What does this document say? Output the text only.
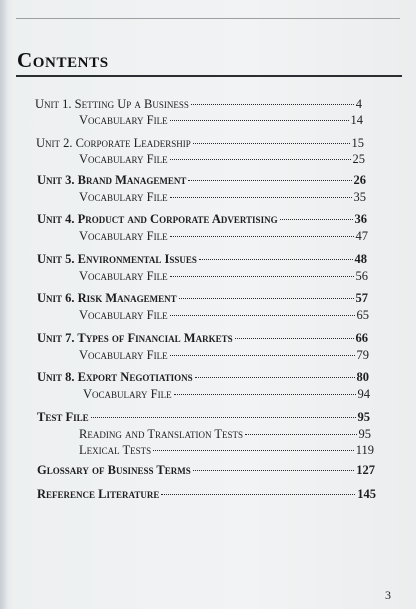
Contents
Unit 1. Setting Up a Business	4
Vocabulary File	14
Unit 2. Corporate Leadership	15
Vocabulary File	25
Unit 3. Brand Management	26
Vocabulary File	35
Unit 4. Product and Corporate Advertising	36
Vocabulary File	47
Unit 5. Environmental Issues	48
Vocabulary File	56
Unit 6. Risk Management	57
Vocabulary File	65
Unit 7. Types of Financial Markets	66
Vocabulary File	79
Unit 8. Export Negotiations	80
Vocabulary File	94
Test File	95
Reading and Translation Tests	95
Lexical Tests	119
Glossary of Business Terms	127
Reference Literature	145
3
